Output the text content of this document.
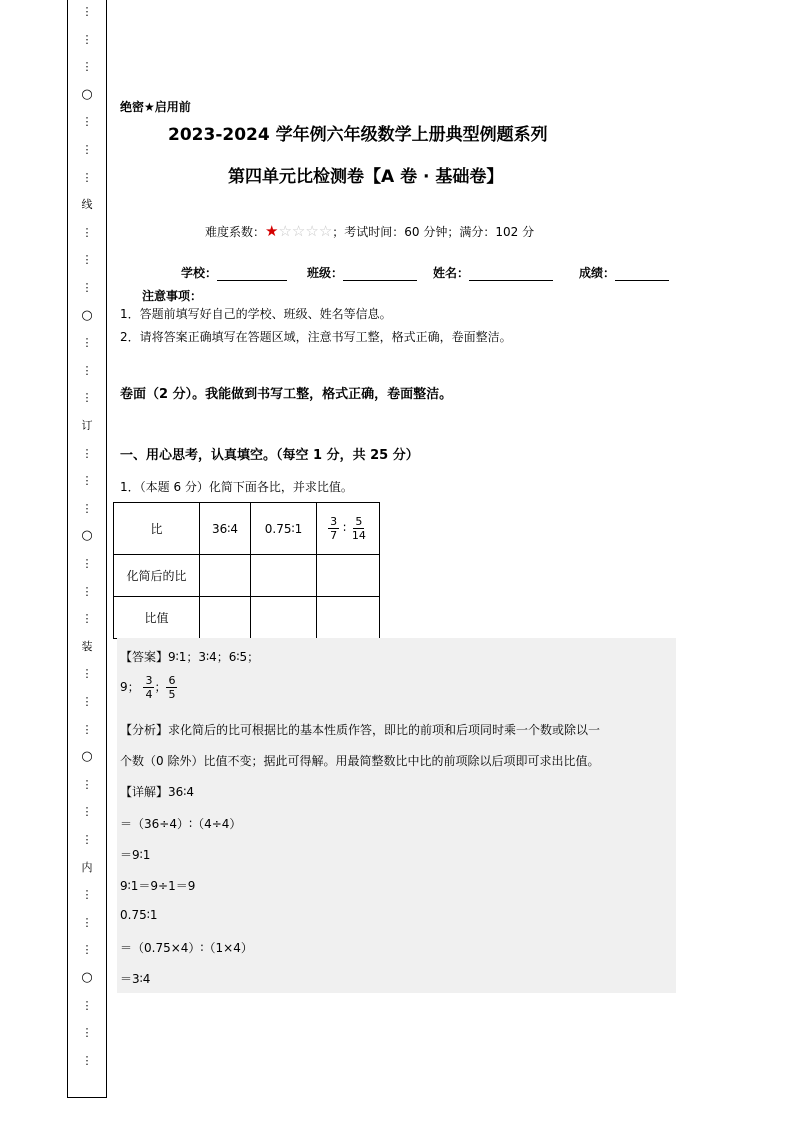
⋮
⋮
⋮
○
⋮
⋮
⋮
线
⋮
⋮
⋮
○
⋮
⋮
⋮
订
⋮
⋮
⋮
○
⋮
⋮
⋮
装
⋮
⋮
⋮
○
⋮
⋮
⋮
内
⋮
⋮
⋮
○
⋮
⋮
⋮
绝密★启用前
2023-2024 学年例六年级数学上册典型例题系列
第四单元比检测卷【A 卷 · 基础卷】
难度系数：★☆☆☆☆；考试时间：60 分钟；满分：102 分
学校：	班级：	姓名：	成绩：
注意事项：
1．答题前填写好自己的学校、班级、姓名等信息。
2．请将答案正确填写在答题区域，注意书写工整，格式正确，卷面整洁。
卷面（2 分）。我能做到书写工整，格式正确，卷面整洁。
一、用心思考，认真填空。（每空 1 分，共 25 分）
1．（本题 6 分）化简下面各比，并求比值。
比	36∶4	0.75∶1	$\frac{3}{7}$ ∶ $\frac{5}{14}$

化简后的比			
比值			
【答案】9∶1；3∶4；6∶5；
9； $\frac{3}{4}$ ； $\frac{6}{5}$
【分析】求化简后的比可根据比的基本性质作答，即比的前项和后项同时乘一个数或除以一
个数（0 除外）比值不变；据此可得解。用最简整数比中比的前项除以后项即可求出比值。
【详解】36∶4
＝（36÷4）∶（4÷4）
＝9∶1
9∶1＝9÷1＝9
0.75∶1
＝（0.75×4）∶（1×4）
＝3∶4
